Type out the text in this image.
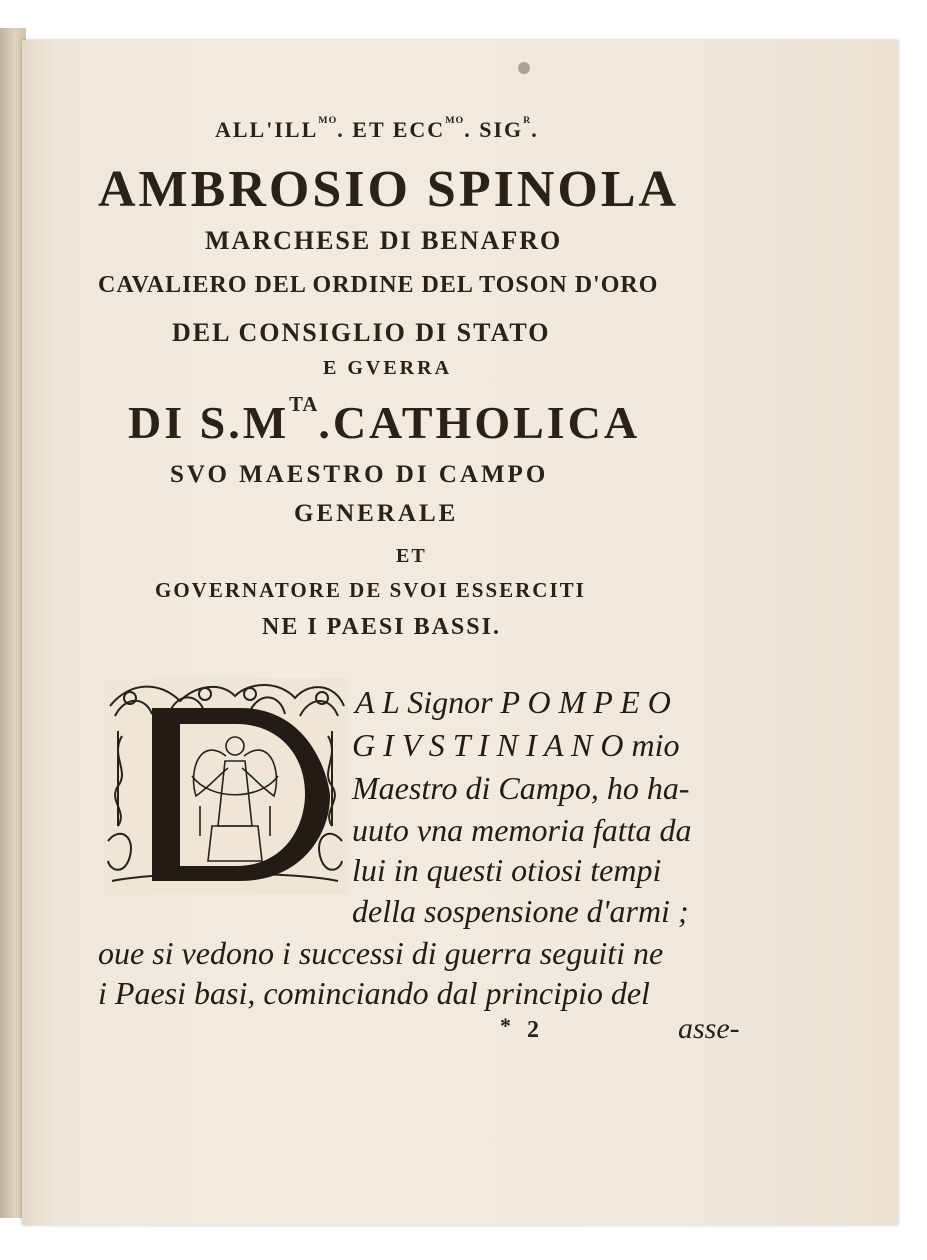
$ALL'ILL^{MO}$. ET $ECC^{MO}$. $SIG^R$.
AMBROSIO SPINOLA
MARCHESE DI BENAFRO
CAVALIERO DEL ORDINE DEL TOSON D'ORO
DEL CONSIGLIO DI STATO
E GVERRA
DI $S.M^{TA}.CATHOLICA$
SVO MAESTRO DI CAMPO
GENERALE
ET
GOVERNATORE DE SVOI ESSERCITI
NE I PAESI BASSI.
A L Signor P O M P E O
G I V S T I N I A N O mio
Maestro di Campo, ho ha-
uuto vna memoria fatta da
lui in questi otiosi tempi
della sospensione d'armi ;
oue si vedono i successi di guerra seguiti ne
i Paesi basi, cominciando dal principio del
* 2	asse-
